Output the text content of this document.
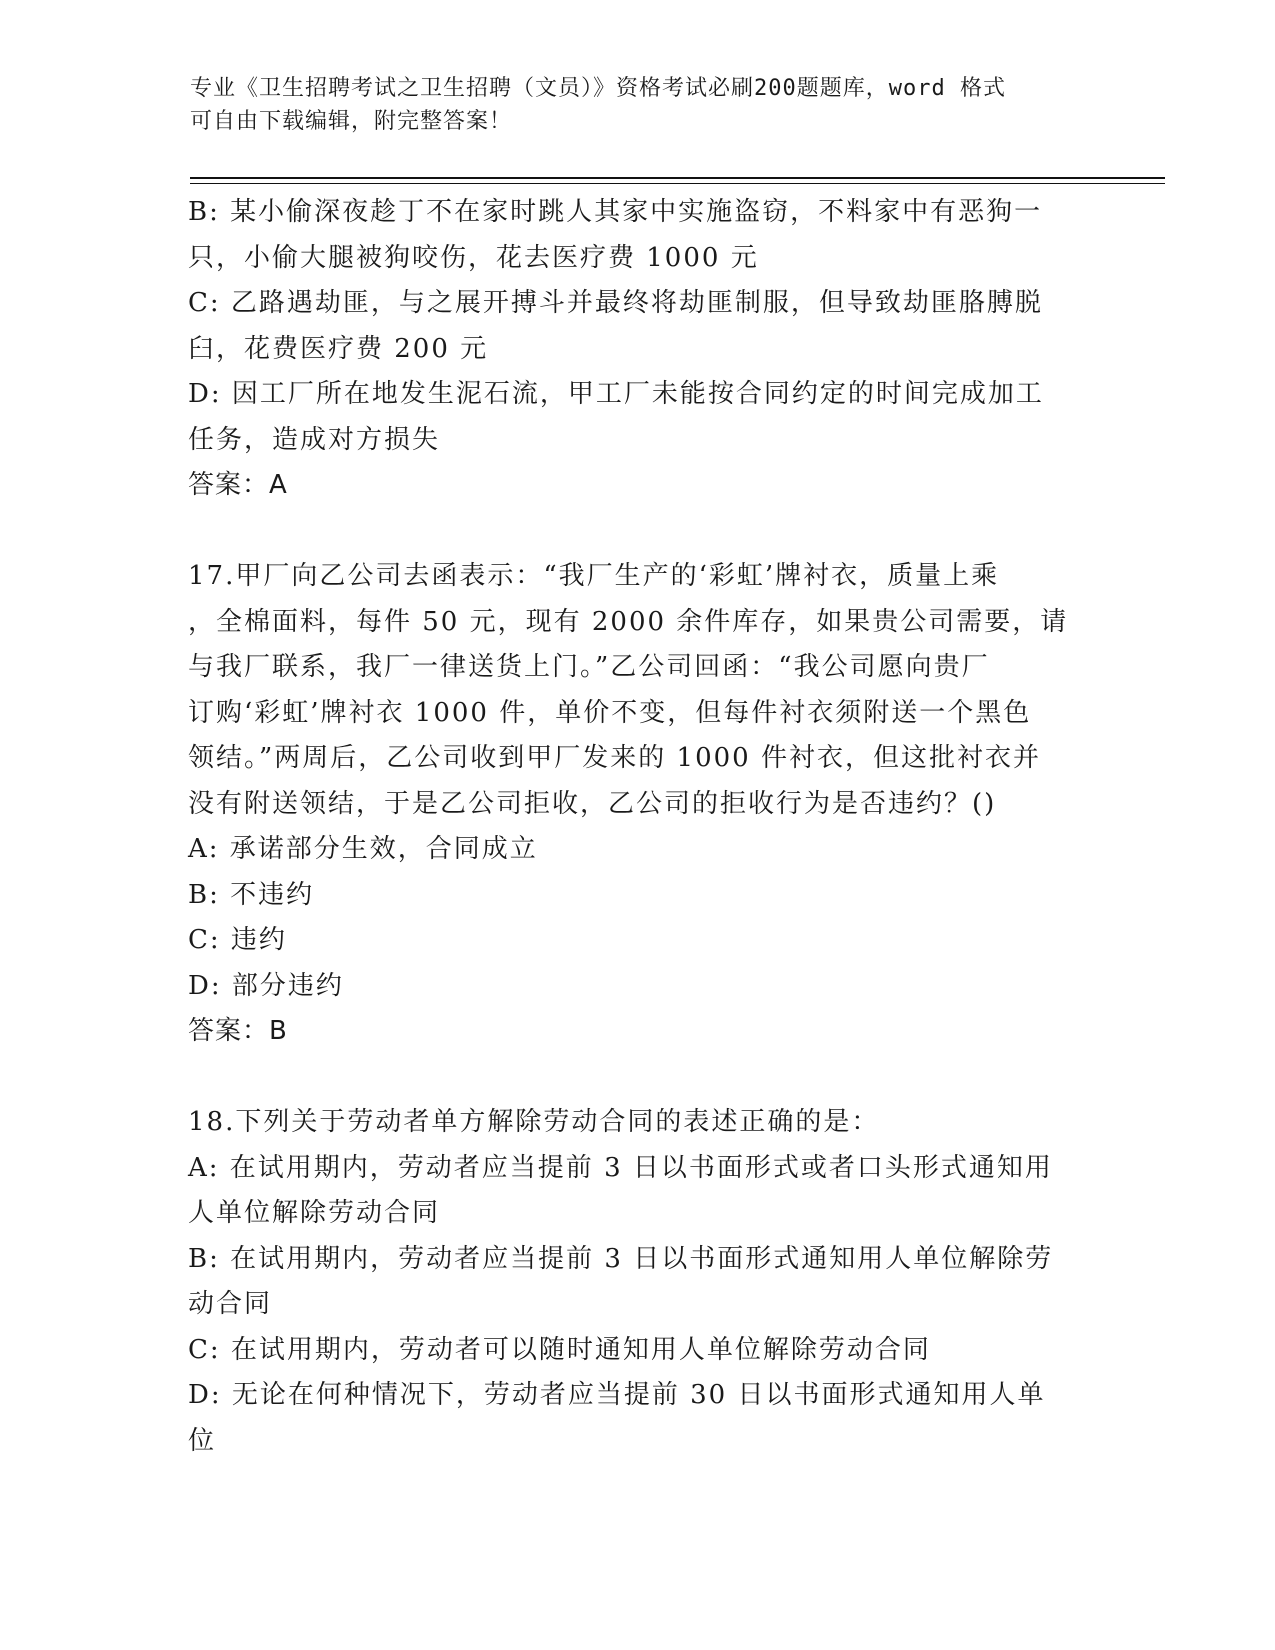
专业《卫生招聘考试之卫生招聘（文员）》资格考试必刷200题题库，word 格式
可自由下载编辑，附完整答案！
B: 某小偷深夜趁丁不在家时跳人其家中实施盗窃，不料家中有恶狗一
只，小偷大腿被狗咬伤，花去医疗费 1000 元
C: 乙路遇劫匪，与之展开搏斗并最终将劫匪制服，但导致劫匪胳膊脱
臼，花费医疗费 200 元
D: 因工厂所在地发生泥石流，甲工厂未能按合同约定的时间完成加工
任务，造成对方损失
答案：A
17.甲厂向乙公司去函表示：“我厂生产的‘彩虹’牌衬衣，质量上乘
，全棉面料，每件 50 元，现有 2000 余件库存，如果贵公司需要，请
与我厂联系，我厂一律送货上门。”乙公司回函：“我公司愿向贵厂
订购‘彩虹’牌衬衣 1000 件，单价不变，但每件衬衣须附送一个黑色
领结。”两周后，乙公司收到甲厂发来的 1000 件衬衣，但这批衬衣并
没有附送领结，于是乙公司拒收，乙公司的拒收行为是否违约？()
A: 承诺部分生效，合同成立
B: 不违约
C: 违约
D: 部分违约
答案：B
18.下列关于劳动者单方解除劳动合同的表述正确的是：
A: 在试用期内，劳动者应当提前 3 日以书面形式或者口头形式通知用
人单位解除劳动合同
B: 在试用期内，劳动者应当提前 3 日以书面形式通知用人单位解除劳
动合同
C: 在试用期内，劳动者可以随时通知用人单位解除劳动合同
D: 无论在何种情况下，劳动者应当提前 30 日以书面形式通知用人单
位
